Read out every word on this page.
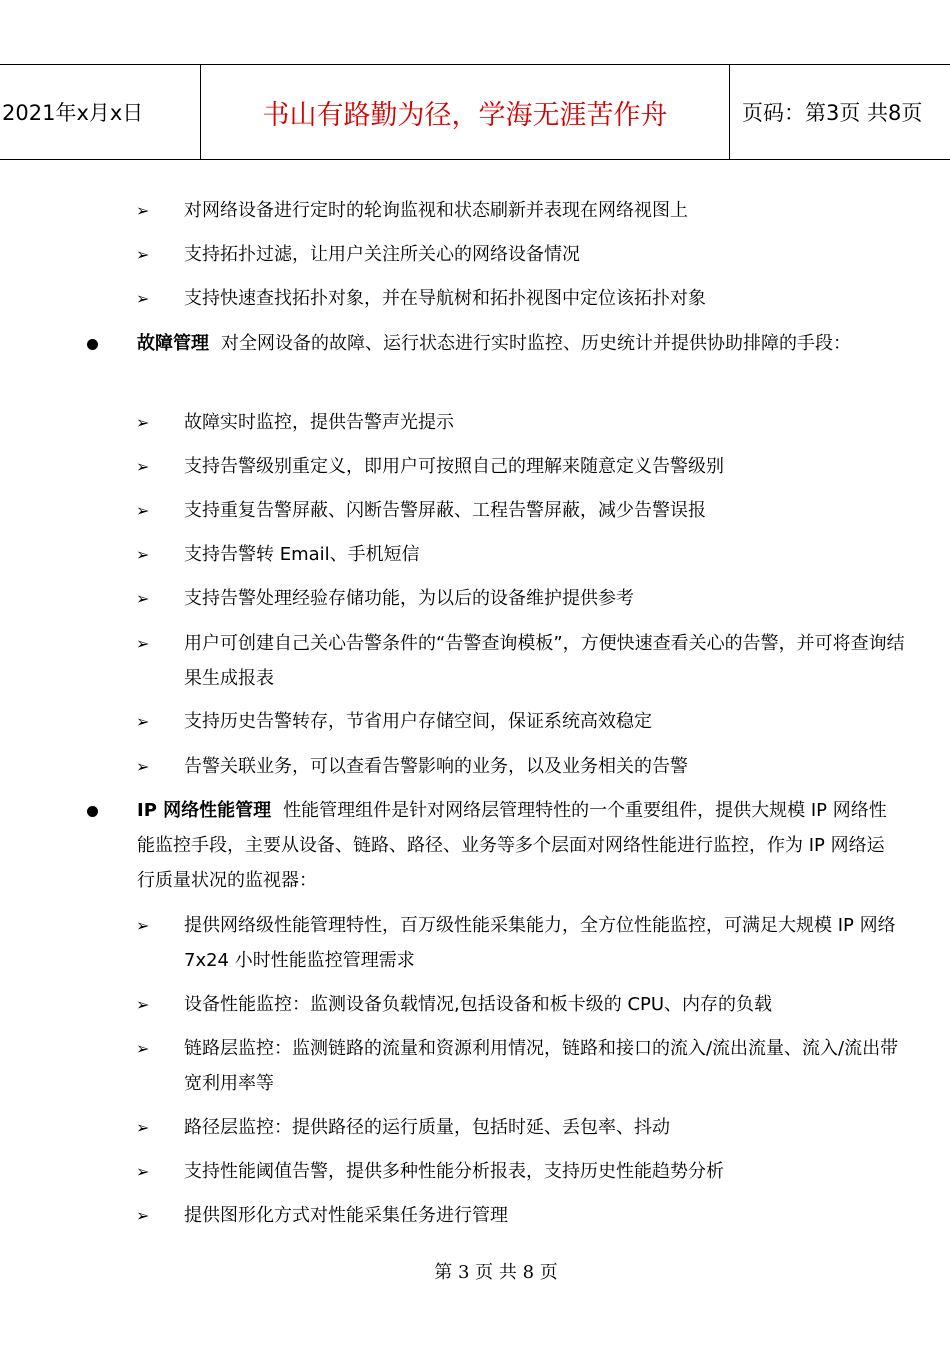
2021年x月x日	书山有路勤为径，学海无涯苦作舟	页码：第3页 共8页
➢ 对网络设备进行定时的轮询监视和状态刷新并表现在网络视图上
➢ 支持拓扑过滤，让用户关注所关心的网络设备情况
➢ 支持快速查找拓扑对象，并在导航树和拓扑视图中定位该拓扑对象
故障管理 对全网设备的故障、运行状态进行实时监控、历史统计并提供协助排障的手段：
➢ 故障实时监控，提供告警声光提示
➢ 支持告警级别重定义，即用户可按照自己的理解来随意定义告警级别
➢ 支持重复告警屏蔽、闪断告警屏蔽、工程告警屏蔽，减少告警误报
➢ 支持告警转 Email、手机短信
➢ 支持告警处理经验存储功能，为以后的设备维护提供参考
➢ 用户可创建自己关心告警条件的“告警查询模板”，方便快速查看关心的告警，并可将查询结果生成报表
➢ 支持历史告警转存，节省用户存储空间，保证系统高效稳定
➢ 告警关联业务，可以查看告警影响的业务，以及业务相关的告警
IP 网络性能管理 性能管理组件是针对网络层管理特性的一个重要组件，提供大规模 IP 网络性能监控手段，主要从设备、链路、路径、业务等多个层面对网络性能进行监控，作为 IP 网络运行质量状况的监视器：
➢ 提供网络级性能管理特性，百万级性能采集能力，全方位性能监控，可满足大规模 IP 网络 7x24 小时性能监控管理需求
➢ 设备性能监控：监测设备负载情况,包括设备和板卡级的 CPU、内存的负载
➢ 链路层监控：监测链路的流量和资源利用情况，链路和接口的流入/流出流量、流入/流出带宽利用率等
➢ 路径层监控：提供路径的运行质量，包括时延、丢包率、抖动
➢ 支持性能阈值告警，提供多种性能分析报表，支持历史性能趋势分析
➢ 提供图形化方式对性能采集任务进行管理
第 3 页 共 8 页
